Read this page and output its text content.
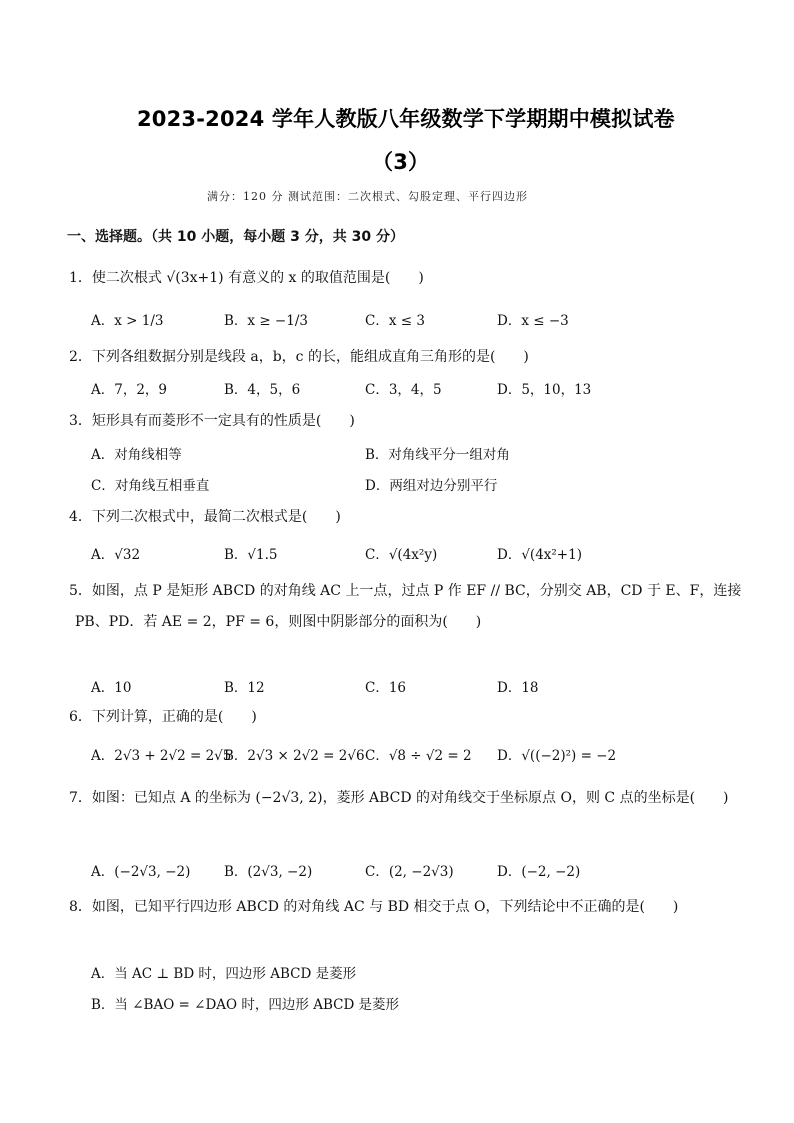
2023-2024 学年人教版八年级数学下学期期中模拟试卷
（3）
满分：120 分 测试范围：二次根式、勾股定理、平行四边形
一、选择题。（共 10 小题，每小题 3 分，共 30 分）
1．使二次根式 √(3x+1) 有意义的 x 的取值范围是(　　)
A．x > 1/3	B．x ≥ −1/3	C．x ≤ 3	D．x ≤ −3
2．下列各组数据分别是线段 a，b，c 的长，能组成直角三角形的是(　　)
A．7，2，9	B．4，5，6	C．3，4，5	D．5，10，13
3．矩形具有而菱形不一定具有的性质是(　　)
A．对角线相等	B．对角线平分一组对角
C．对角线互相垂直	D．两组对边分别平行
4．下列二次根式中，最简二次根式是(　　)
A．√32	B．√1.5	C．√(4x²y)	D．√(4x²+1)
5．如图，点 P 是矩形 ABCD 的对角线 AC 上一点，过点 P 作 EF // BC，分别交 AB，CD 于 E、F，连接
PB、PD．若 AE = 2，PF = 6，则图中阴影部分的面积为(　　)
A．10	B．12	C．16	D．18
6．下列计算，正确的是(　　)
A．2√3 + 2√2 = 2√5
B．2√3 × 2√2 = 2√6 C．√8 ÷ √2 = 2 D．√((−2)²) = −2
7．如图：已知点 A 的坐标为 (−2√3, 2)，菱形 ABCD 的对角线交于坐标原点 O，则 C 点的坐标是(　　)
A．(−2√3, −2) B．(2√3, −2)	C．(2, −2√3)	D．(−2, −2)
8．如图，已知平行四边形 ABCD 的对角线 AC 与 BD 相交于点 O，下列结论中不正确的是(　　)
A．当 AC ⊥ BD 时，四边形 ABCD 是菱形
B．当 ∠BAO = ∠DAO 时，四边形 ABCD 是菱形
